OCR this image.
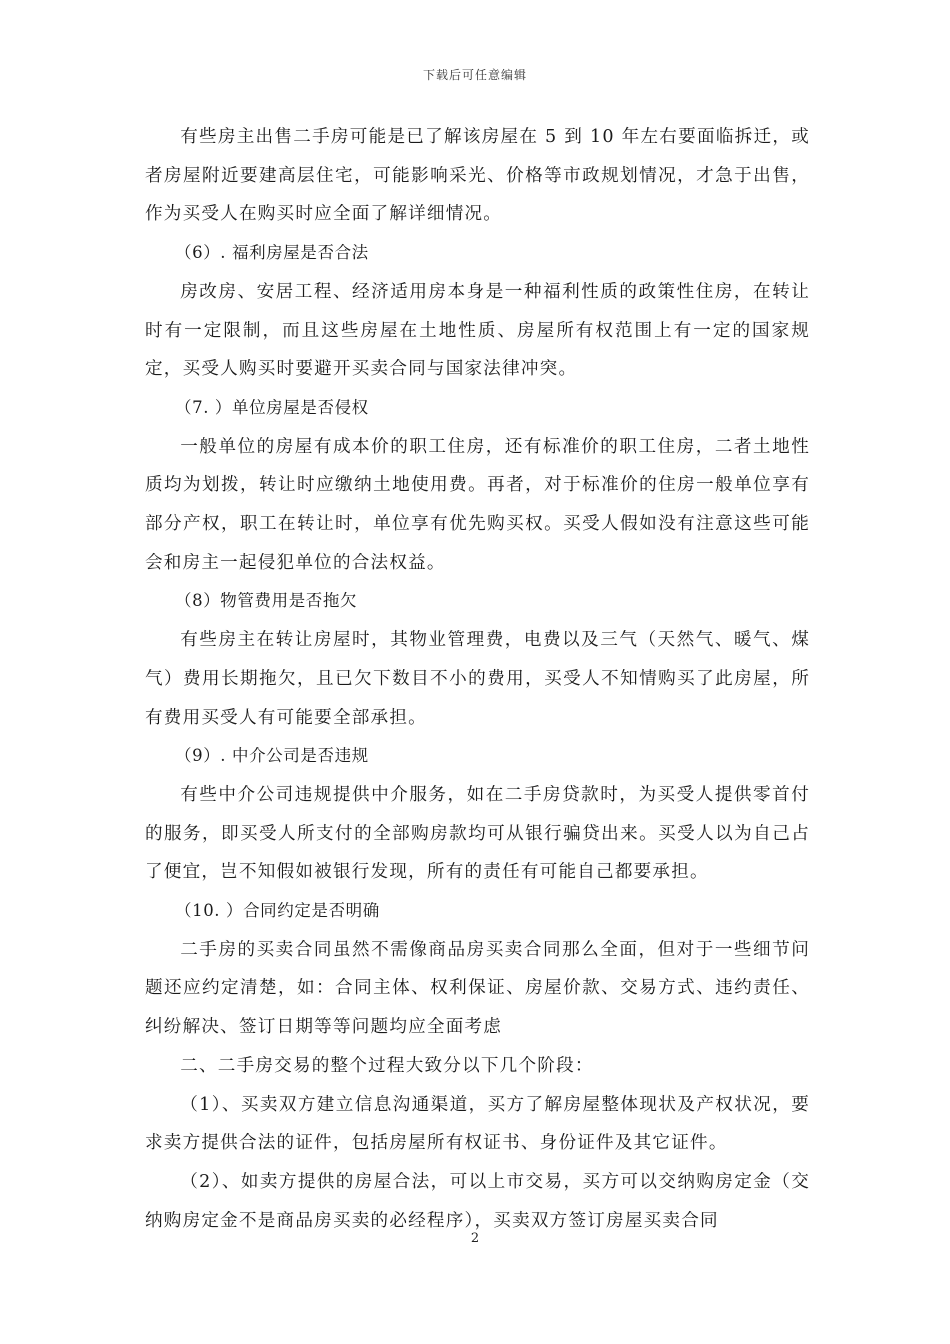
下载后可任意编辑

有些房主出售二手房可能是已了解该房屋在 5 到 10 年左右要面临拆迁，或者房屋附近要建高层住宅，可能影响采光、价格等市政规划情况，才急于出售，作为买受人在购买时应全面了解详细情况。

（6）. 福利房屋是否合法

房改房、安居工程、经济适用房本身是一种福利性质的政策性住房，在转让时有一定限制，而且这些房屋在土地性质、房屋所有权范围上有一定的国家规定，买受人购买时要避开买卖合同与国家法律冲突。

（7. ）单位房屋是否侵权

一般单位的房屋有成本价的职工住房，还有标准价的职工住房，二者土地性质均为划拨，转让时应缴纳土地使用费。再者，对于标准价的住房一般单位享有部分产权，职工在转让时，单位享有优先购买权。买受人假如没有注意这些可能会和房主一起侵犯单位的合法权益。

（8）物管费用是否拖欠

有些房主在转让房屋时，其物业管理费，电费以及三气（天然气、暖气、煤气）费用长期拖欠，且已欠下数目不小的费用，买受人不知情购买了此房屋，所有费用买受人有可能要全部承担。

（9）. 中介公司是否违规

有些中介公司违规提供中介服务，如在二手房贷款时，为买受人提供零首付的服务，即买受人所支付的全部购房款均可从银行骗贷出来。买受人以为自己占了便宜，岂不知假如被银行发现，所有的责任有可能自己都要承担。

（10. ）合同约定是否明确

二手房的买卖合同虽然不需像商品房买卖合同那么全面，但对于一些细节问题还应约定清楚，如：合同主体、权利保证、房屋价款、交易方式、违约责任、纠纷解决、签订日期等等问题均应全面考虑

二、二手房交易的整个过程大致分以下几个阶段：

（1）、买卖双方建立信息沟通渠道，买方了解房屋整体现状及产权状况，要求卖方提供合法的证件，包括房屋所有权证书、身份证件及其它证件。

（2）、如卖方提供的房屋合法，可以上市交易，买方可以交纳购房定金（交纳购房定金不是商品房买卖的必经程序），买卖双方签订房屋买卖合同

2
